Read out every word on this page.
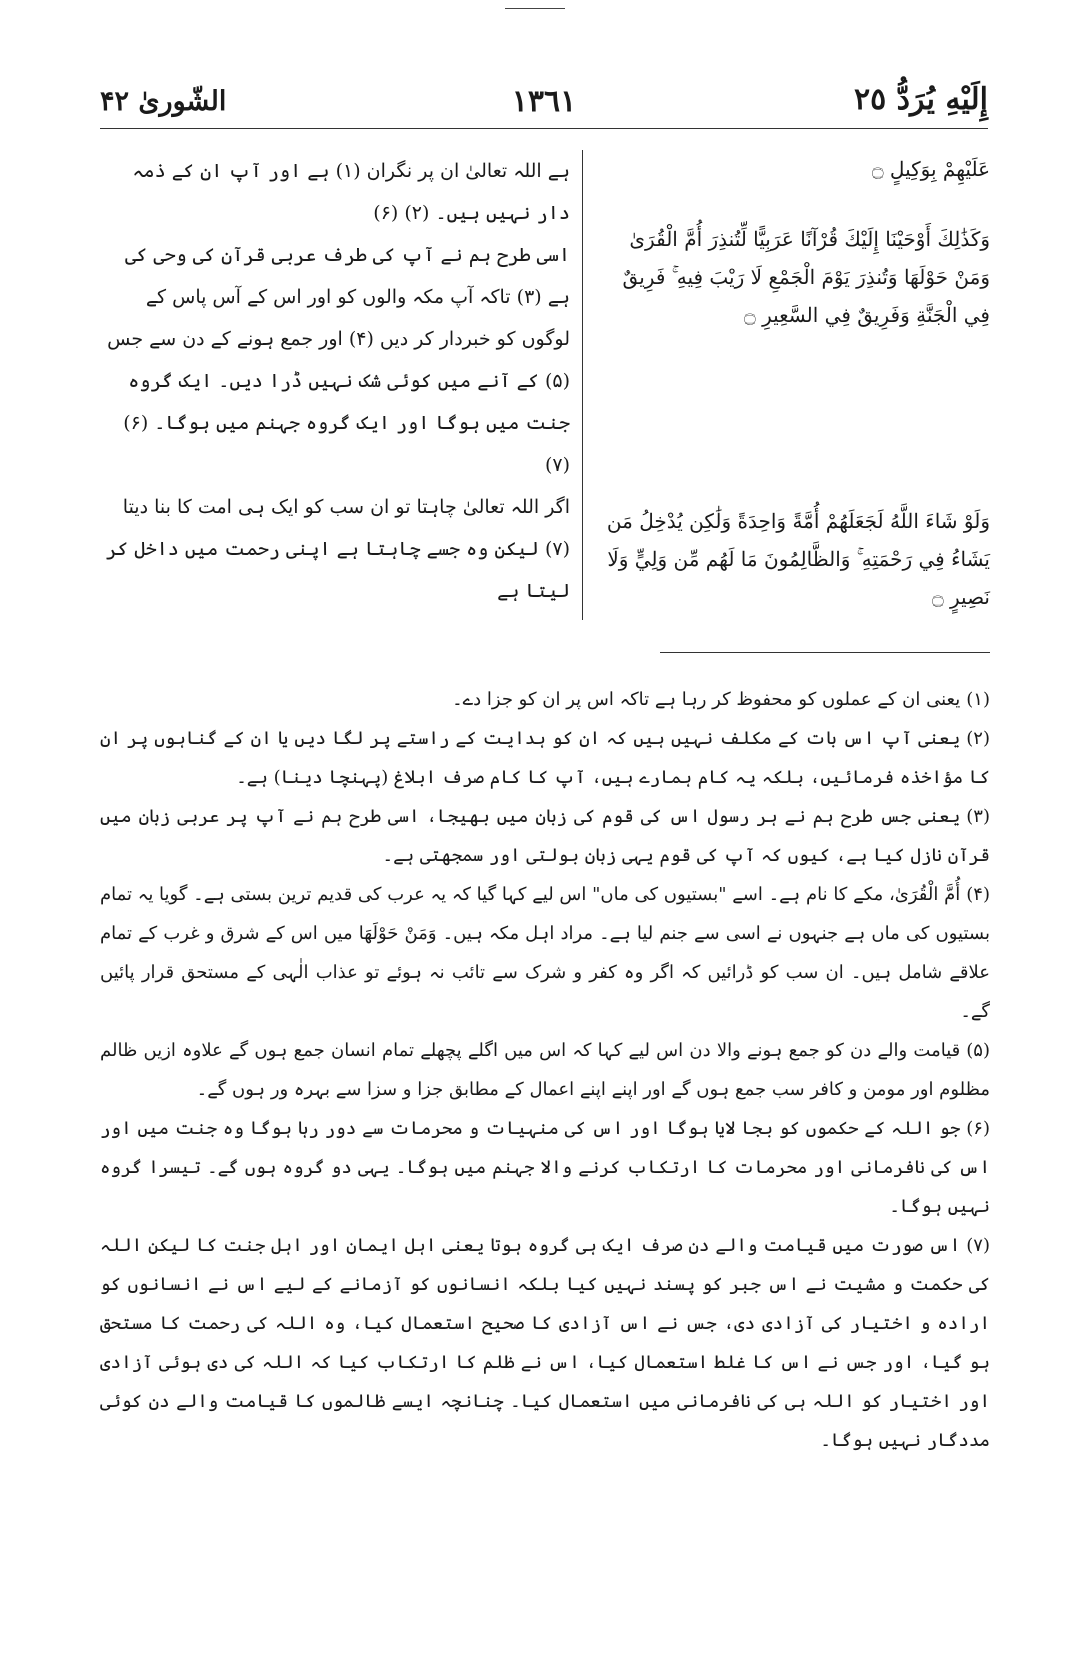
إِلَيْهِ يُرَدُّ ٢٥
١٣٦١
الشّورىٰ ۴۲

عَلَيْهِمْ بِوَكِيلٍ ۝

وَكَذَٰلِكَ أَوْحَيْنَا إِلَيْكَ قُرْآنًا عَرَبِيًّا لِّتُنذِرَ أُمَّ الْقُرَىٰ وَمَنْ حَوْلَهَا وَتُنذِرَ يَوْمَ الْجَمْعِ لَا رَيْبَ فِيهِ ۚ فَرِيقٌ فِي الْجَنَّةِ وَفَرِيقٌ فِي السَّعِيرِ ۝

وَلَوْ شَاءَ اللَّهُ لَجَعَلَهُمْ أُمَّةً وَاحِدَةً وَلَٰكِن يُدْخِلُ مَن يَشَاءُ فِي رَحْمَتِهِ ۚ وَالظَّالِمُونَ مَا لَهُم مِّن وَلِيٍّ وَلَا نَصِيرٍ ۝

ہے اللہ تعالیٰ ان پر نگران (۱) ہے اور آپ ان کے ذمہ دار نہیں ہیں۔ (۲) (۶)

اسی طرح ہم نے آپ کی طرف عربی قرآن کی وحی کی ہے (۳) تاکہ آپ مکہ والوں کو اور اس کے آس پاس کے لوگوں کو خبردار کر دیں (۴) اور جمع ہونے کے دن سے جس (۵) کے آنے میں کوئی شک نہیں ڈرا دیں۔ ایک گروہ جنت میں ہوگا اور ایک گروہ جہنم میں ہوگا۔ (۶) (۷)

اگر اللہ تعالیٰ چاہتا تو ان سب کو ایک ہی امت کا بنا دیتا (۷) لیکن وہ جسے چاہتا ہے اپنی رحمت میں داخل کر لیتا ہے

(۱)یعنی ان کے عملوں کو محفوظ کر رہا ہے تاکہ اس پر ان کو جزا دے۔

(۲)یعنی آپ اس بات کے مکلف نہیں ہیں کہ ان کو ہدایت کے راستے پر لگا دیں یا ان کے گناہوں پر ان کا مؤاخذہ فرمائیں، بلکہ یہ کام ہمارے ہیں، آپ کا کام صرف ابلاغ (پہنچا دینا) ہے۔

(۳)یعنی جس طرح ہم نے ہر رسول اس کی قوم کی زبان میں بھیجا، اسی طرح ہم نے آپ پر عربی زبان میں قرآن نازل کیا ہے، کیوں کہ آپ کی قوم یہی زبان بولتی اور سمجھتی ہے۔

(۴)أُمَّ الْقُرَىٰ، مکے کا نام ہے۔ اسے "بستیوں کی ماں" اس لیے کہا گیا کہ یہ عرب کی قدیم ترین بستی ہے۔ گویا یہ تمام بستیوں کی ماں ہے جنہوں نے اسی سے جنم لیا ہے۔ مراد اہل مکہ ہیں۔ وَمَنْ حَوْلَهَا میں اس کے شرق و غرب کے تمام علاقے شامل ہیں۔ ان سب کو ڈرائیں کہ اگر وہ کفر و شرک سے تائب نہ ہوئے تو عذاب الٰہی کے مستحق قرار پائیں گے۔

(۵)قیامت والے دن کو جمع ہونے والا دن اس لیے کہا کہ اس میں اگلے پچھلے تمام انسان جمع ہوں گے علاوہ ازیں ظالم مظلوم اور مومن و کافر سب جمع ہوں گے اور اپنے اپنے اعمال کے مطابق جزا و سزا سے بہرہ ور ہوں گے۔

(۶)جو اللہ کے حکموں کو بجا لایا ہوگا اور اس کی منہیات و محرمات سے دور رہا ہوگا وہ جنت میں اور اس کی نافرمانی اور محرمات کا ارتکاب کرنے والا جہنم میں ہوگا۔ یہی دو گروہ ہوں گے۔ تیسرا گروہ نہیں ہوگا۔

(۷)اس صورت میں قیامت والے دن صرف ایک ہی گروہ ہوتا یعنی اہل ایمان اور اہل جنت کا لیکن اللہ کی حکمت و مشیت نے اس جبر کو پسند نہیں کیا بلکہ انسانوں کو آزمانے کے لیے اس نے انسانوں کو ارادہ و اختیار کی آزادی دی، جس نے اس آزادی کا صحیح استعمال کیا، وہ اللہ کی رحمت کا مستحق ہو گیا، اور جس نے اس کا غلط استعمال کیا، اس نے ظلم کا ارتکاب کیا کہ اللہ کی دی ہوئی آزادی اور اختیار کو اللہ ہی کی نافرمانی میں استعمال کیا۔ چنانچہ ایسے ظالموں کا قیامت والے دن کوئی مددگار نہیں ہوگا۔
